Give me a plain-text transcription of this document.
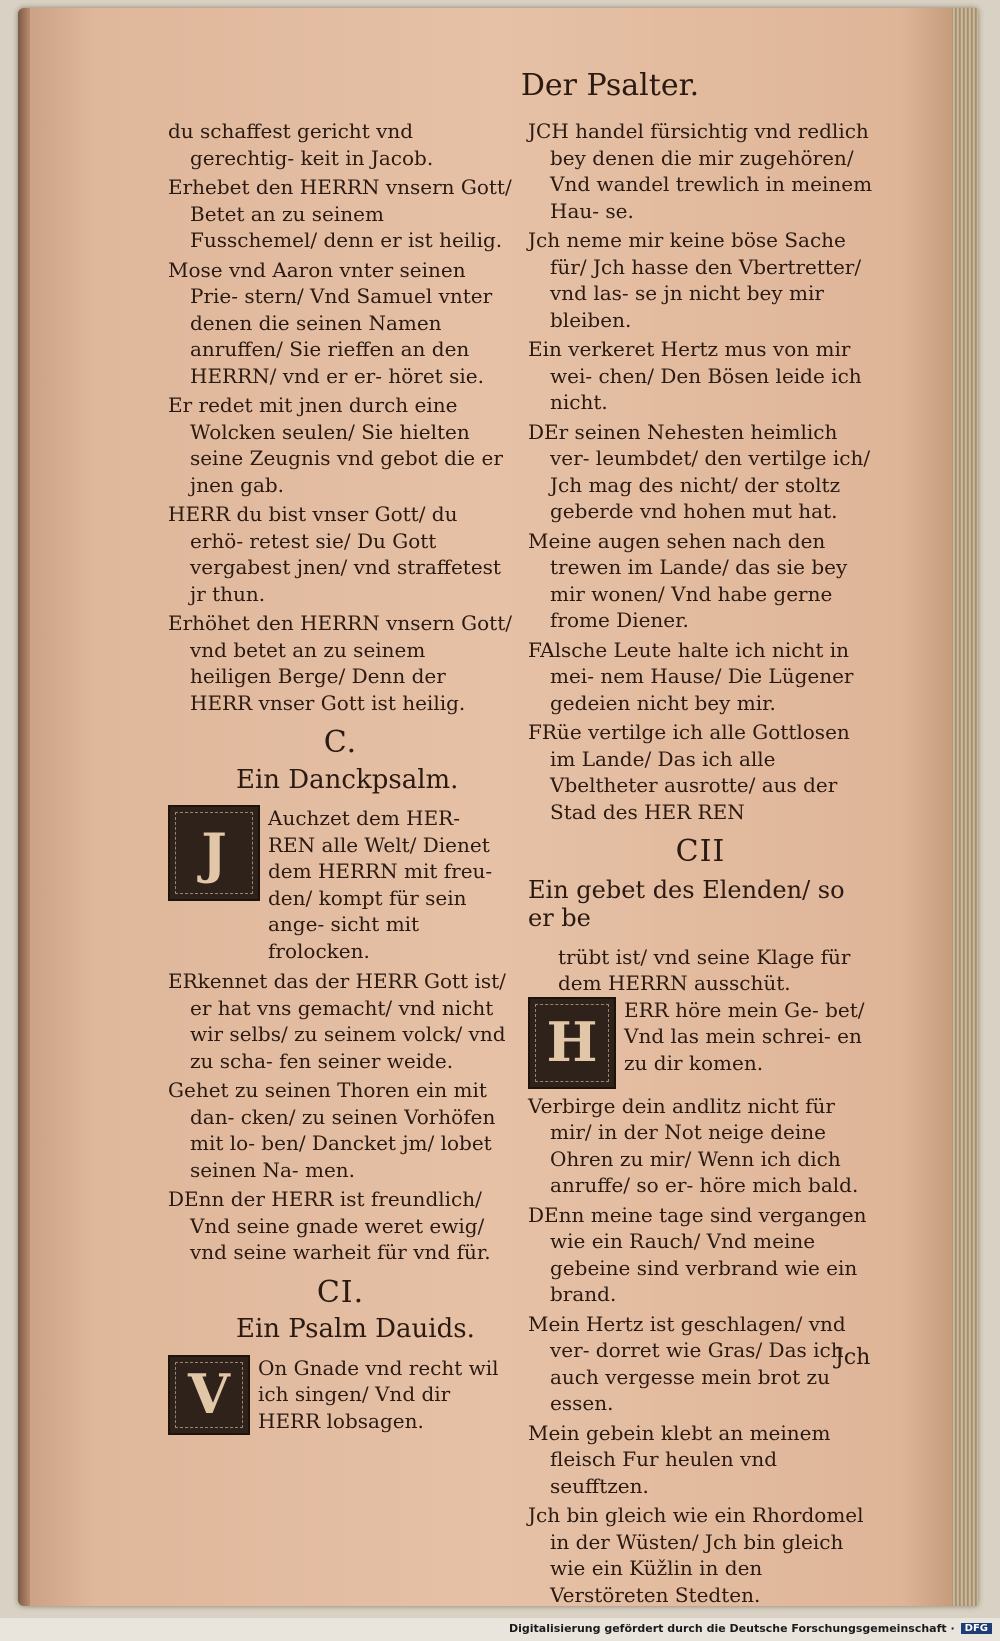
Der Psalter.

du schaffest gericht vnd gerechtig- keit in Jacob.

Erhebet den HERRN vnsern Gott/ Betet an zu seinem Fusschemel/ denn er ist heilig.

Mose vnd Aaron vnter seinen Prie- stern/ Vnd Samuel vnter denen die seinen Namen anruffen/ Sie rieffen an den HERRN/ vnd er er- höret sie.

Er redet mit jnen durch eine Wolcken seulen/ Sie hielten seine Zeugnis vnd gebot die er jnen gab.

HERR du bist vnser Gott/ du erhö- retest sie/ Du Gott vergabest jnen/ vnd straffetest jr thun.

Erhöhet den HERRN vnsern Gott/ vnd betet an zu seinem heiligen Berge/ Denn der HERR vnser Gott ist heilig.

C.
Ein Danckpsalm.
J
Auchzet dem HER- REN alle Welt/ Dienet dem HERRN mit freu- den/ kompt für sein ange- sicht mit frolocken.

ERkennet das der HERR Gott ist/ er hat vns gemacht/ vnd nicht wir selbs/ zu seinem volck/ vnd zu scha- fen seiner weide.

Gehet zu seinen Thoren ein mit dan- cken/ zu seinen Vorhöfen mit lo- ben/ Dancket jm/ lobet seinen Na- men.

DEnn der HERR ist freundlich/ Vnd seine gnade weret ewig/ vnd seine warheit für vnd für.

CI.
Ein Psalm Dauids.
V	On Gnade vnd recht wil ich singen/ Vnd dir HERR lobsagen.

JCH handel fürsichtig vnd redlich bey denen die mir zugehören/ Vnd wandel trewlich in meinem Hau- se.

Jch neme mir keine böse Sache für/ Jch hasse den Vbertretter/ vnd las- se jn nicht bey mir bleiben.

Ein verkeret Hertz mus von mir wei- chen/ Den Bösen leide ich nicht.

DEr seinen Nehesten heimlich ver- leumbdet/ den vertilge ich/ Jch mag des nicht/ der stoltz geberde vnd hohen mut hat.

Meine augen sehen nach den trewen im Lande/ das sie bey mir wonen/ Vnd habe gerne frome Diener.

FAlsche Leute halte ich nicht in mei- nem Hause/ Die Lügener gedeien nicht bey mir.

FRüe vertilge ich alle Gottlosen im Lande/ Das ich alle Vbeltheter ausrotte/ aus der Stad des HER REN

CII
Ein gebet des Elenden/ so er be
trübt ist/ vnd seine Klage für dem HERRN ausschüt.
H
ERR höre mein Ge- bet/ Vnd las mein schrei- en zu dir komen.

Verbirge dein andlitz nicht für mir/ in der Not neige deine Ohren zu mir/ Wenn ich dich anruffe/ so er- höre mich bald.

DEnn meine tage sind vergangen wie ein Rauch/ Vnd meine gebeine sind verbrand wie ein brand.

Mein Hertz ist geschlagen/ vnd ver- dorret wie Gras/ Das ich auch vergesse mein brot zu essen.

Mein gebein klebt an meinem fleisch Fur heulen vnd seufftzen.

Jch bin gleich wie ein Rhordomel in der Wüsten/ Jch bin gleich wie ein Küžlin in den Verstöreten Stedten.

Jch
Digitalisierung gefördert durch die Deutsche Forschungsgemeinschaft ·	DFG
